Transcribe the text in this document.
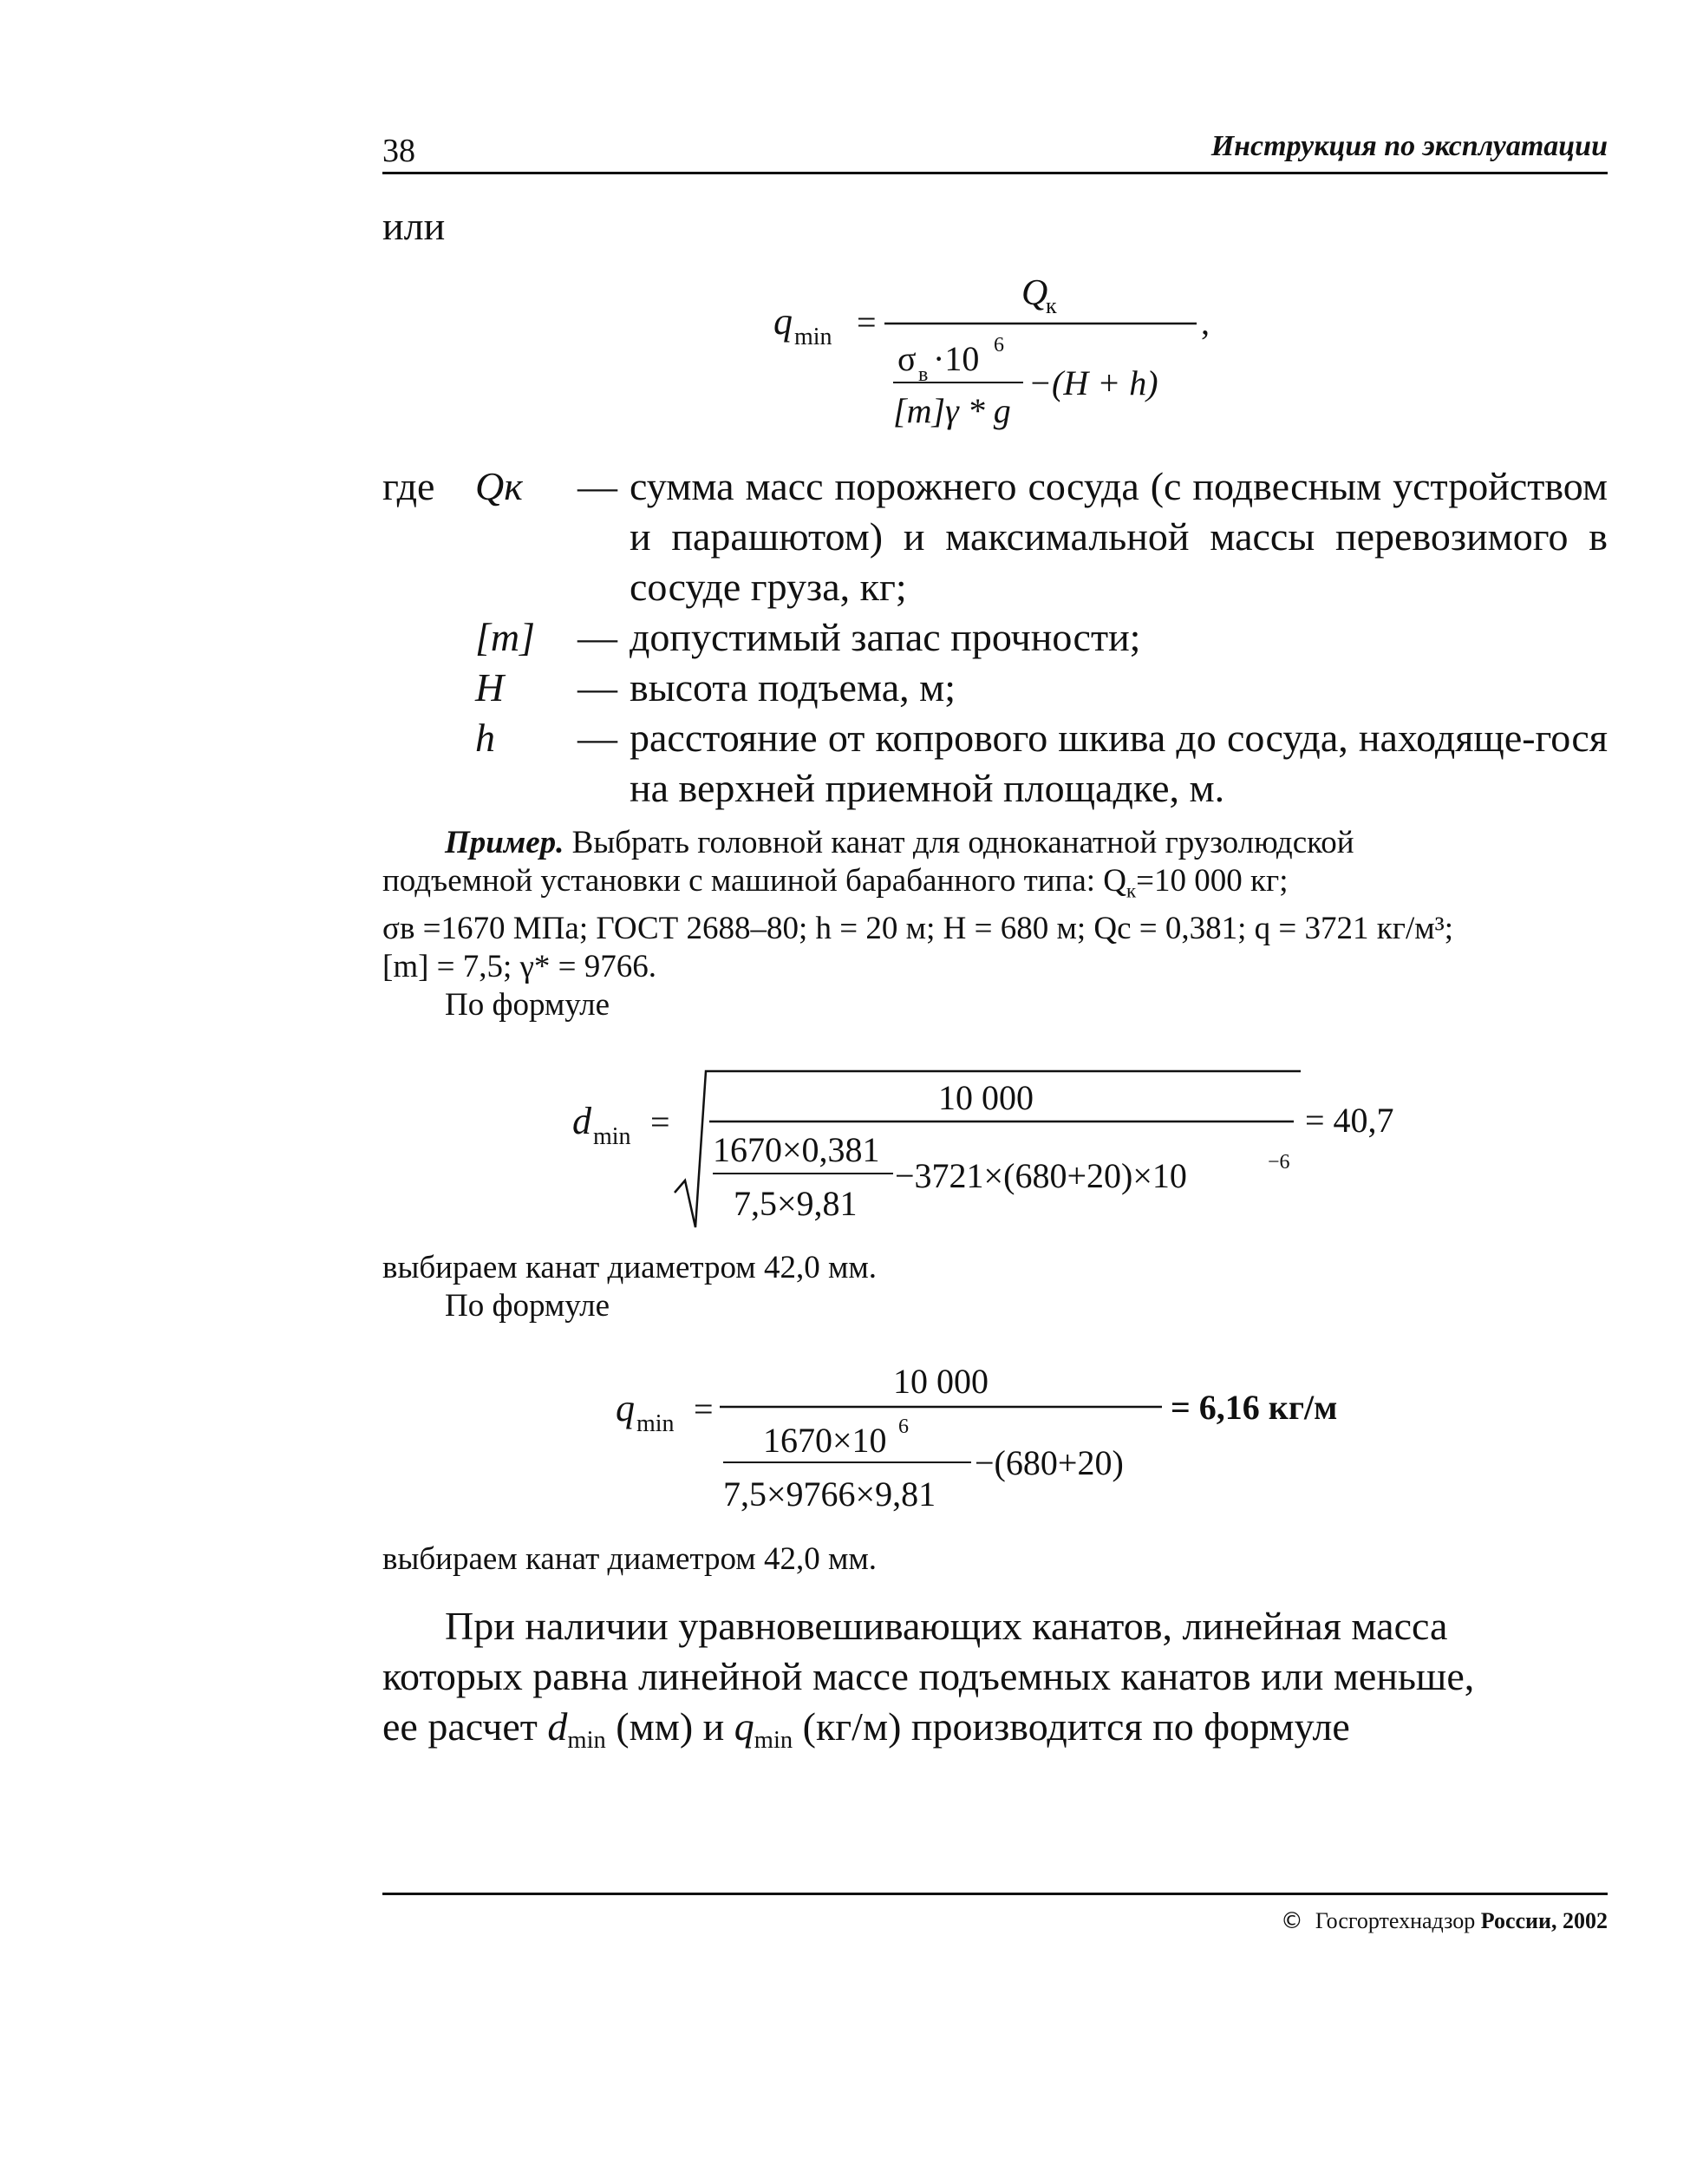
38	Инструкция по эксплуатации
или
q min =
Q
к	,
σ в ·10 6
[m]γ * g
−(H + h)
где	Qк	— сумма масс порожнего сосуда (с подвесным устройством и парашютом) и максимальной массы перевозимого в сосуде груза, кг;
[m]	— допустимый запас прочности;
H	— высота подъема, м;
h	— расстояние от копрового шкива до сосуда, находяще-гося на верхней приемной площадке, м.
Пример. Выбрать головной канат для одноканатной грузолюдской
подъемной установки с машиной барабанного типа: $Q_к=10$ 000 кг;
σв =1670 МПа; ГОСТ 2688–80; h = 20 м; H = 680 м; Qс = 0,381; q = 3721 кг/м³;
[m] = 7,5; γ* = 9766.
По формуле
d min =
10 000
= 40,7
1670×0,381
7,5×9,81
−3721×(680+20)×10	−6
выбираем канат диаметром 42,0 мм.
По формуле
q min =
10 000
= 6,16 кг/м
1670×10 6
7,5×9766×9,81
−(680+20)
выбираем канат диаметром 42,0 мм.
При наличии уравновешивающих канатов, линейная масса
которых равна линейной массе подъемных канатов или меньше,
ее расчет $d_{min}$ (мм) и $q_{min}$ (кг/м) производится по формуле
© Госгортехнадзор России, 2002
